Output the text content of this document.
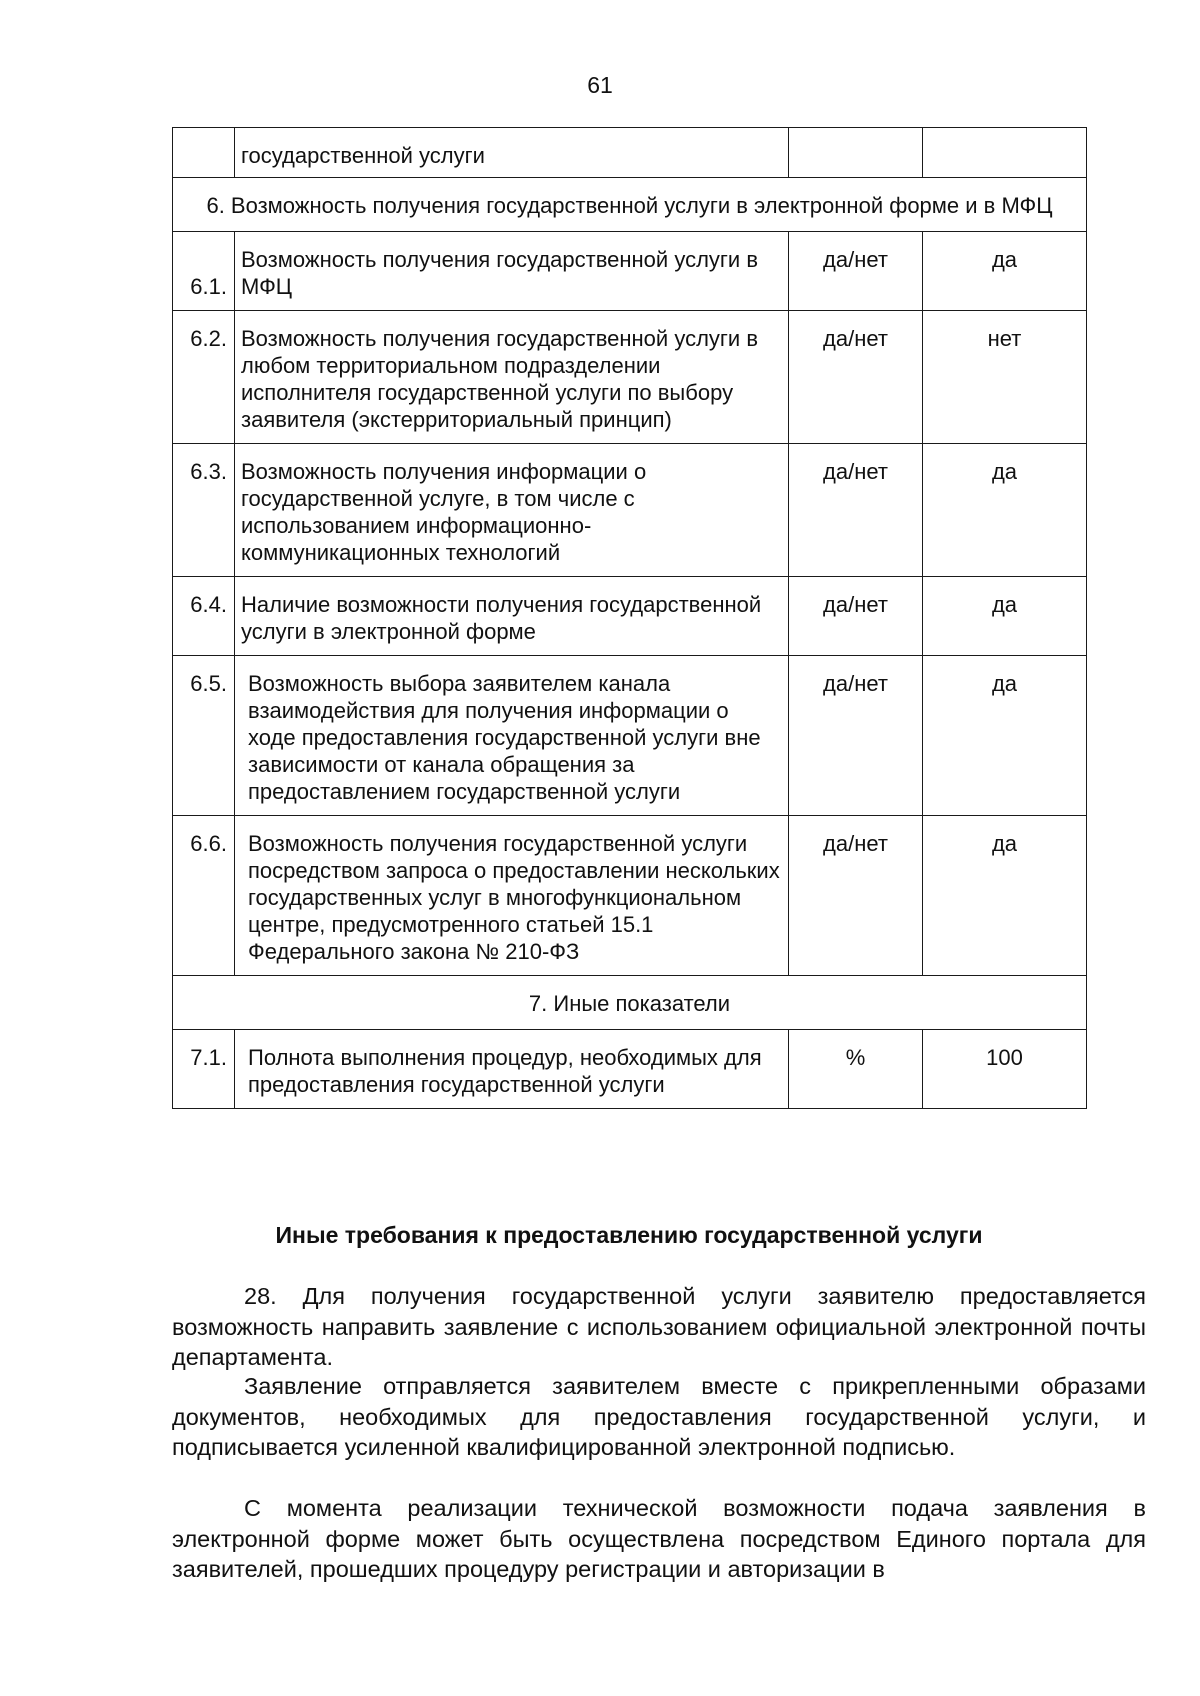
61
	государственной услуги		
6. Возможность получения государственной услуги в электронной форме и в МФЦ			
6.1.	Возможность получения государственной услуги в МФЦ	да/нет	да
6.2.	Возможность получения государственной услуги в любом территориальном подразделении исполнителя государственной услуги по выбору заявителя (экстерриториальный принцип)	да/нет	нет
6.3.	Возможность получения информации о государственной услуге, в том числе с использованием информационно-коммуникационных технологий	да/нет	да
6.4.	Наличие возможности получения государственной услуги в электронной форме	да/нет	да
6.5.	Возможность выбора заявителем канала взаимодействия для получения информации о ходе предоставления государственной услуги вне зависимости от канала обращения за предоставлением государственной услуги	да/нет	да
6.6.	Возможность получения государственной услуги посредством запроса о предоставлении нескольких государственных услуг в многофункциональном центре, предусмотренного статьей 15.1 Федерального закона № 210-ФЗ	да/нет	да
7. Иные показатели			
7.1.	Полнота выполнения процедур, необходимых для предоставления государственной услуги	%	100
Иные требования к предоставлению государственной услуги

28. Для получения государственной услуги заявителю предоставляется возможность направить заявление с использованием официальной электронной почты департамента.

Заявление отправляется заявителем вместе с прикрепленными образами документов, необходимых для предоставления государственной услуги, и подписывается усиленной квалифицированной электронной подписью.

С момента реализации технической возможности подача заявления в электронной форме может быть осуществлена посредством Единого портала для заявителей, прошедших процедуру регистрации и авторизации в
